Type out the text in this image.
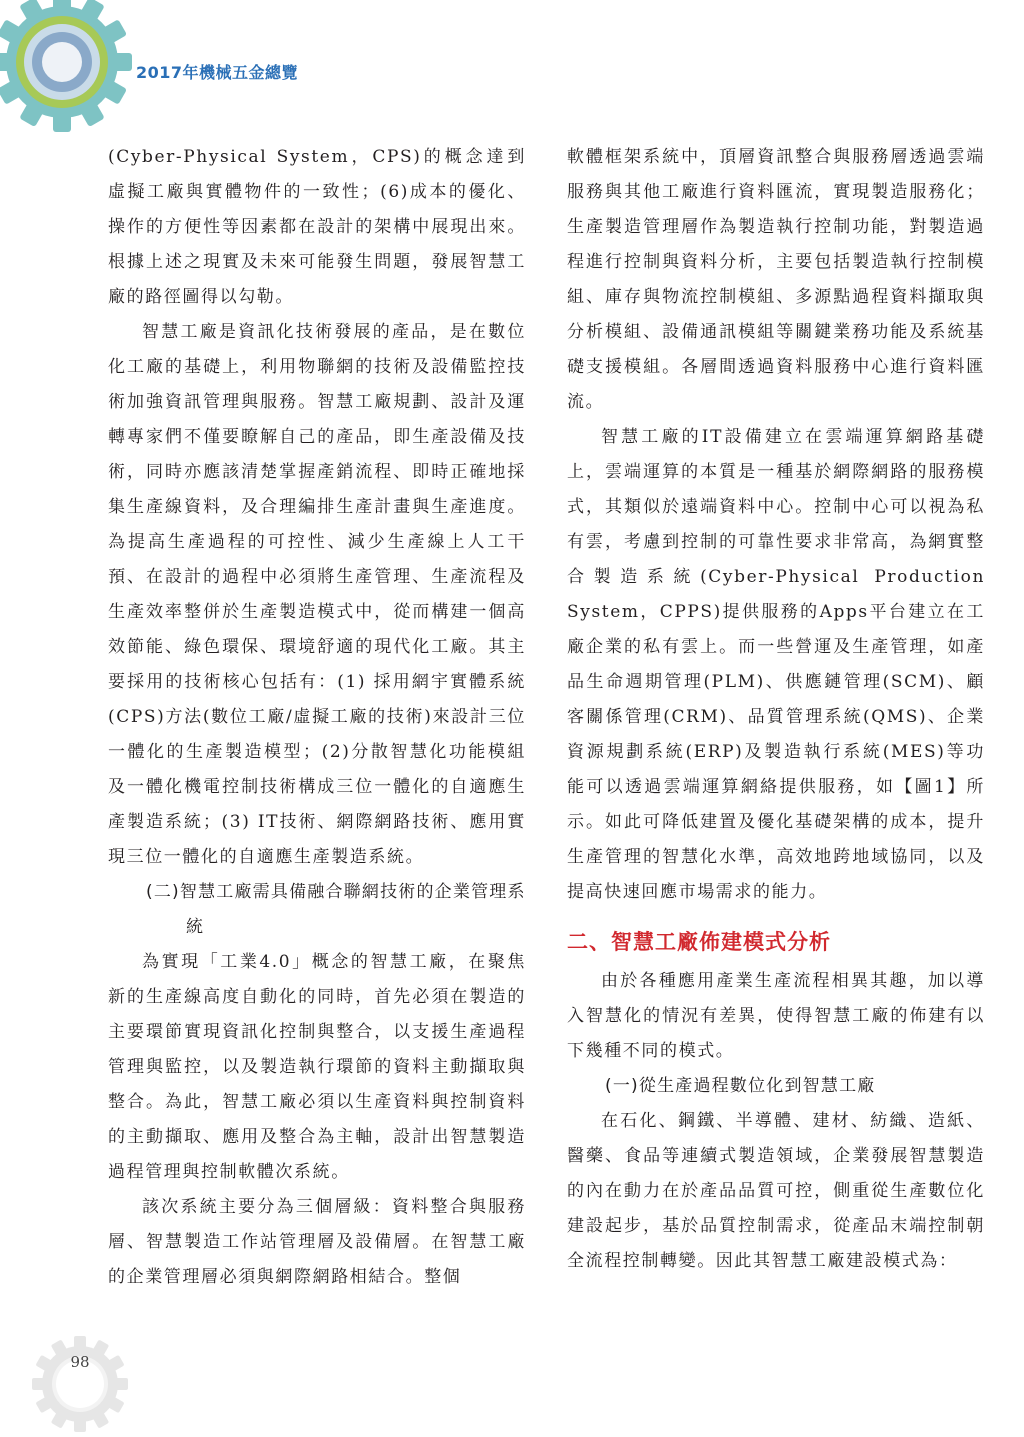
2017年機械五金總覽

(Cyber-Physical System，CPS)的概念達到虛擬工廠與實體物件的一致性；(6)成本的優化、操作的方便性等因素都在設計的架構中展現出來。根據上述之現實及未來可能發生問題，發展智慧工廠的路徑圖得以勾勒。

智慧工廠是資訊化技術發展的產品，是在數位化工廠的基礎上，利用物聯網的技術及設備監控技術加強資訊管理與服務。智慧工廠規劃、設計及運轉專家們不僅要瞭解自己的產品，即生產設備及技術，同時亦應該清楚掌握產銷流程、即時正確地採集生產線資料，及合理編排生產計畫與生產進度。為提高生產過程的可控性、減少生產線上人工干預、在設計的過程中必須將生產管理、生產流程及生產效率整併於生產製造模式中，從而構建一個高效節能、綠色環保、環境舒適的現代化工廠。其主要採用的技術核心包括有：(1) 採用網宇實體系統(CPS)方法(數位工廠/虛擬工廠的技術)來設計三位一體化的生產製造模型；(2)分散智慧化功能模組及一體化機電控制技術構成三位一體化的自適應生產製造系統；(3) IT技術、網際網路技術、應用實現三位一體化的自適應生產製造系統。

(二)智慧工廠需具備融合聯網技術的企業管理系統

為實現「工業4.0」概念的智慧工廠，在聚焦新的生產線高度自動化的同時，首先必須在製造的主要環節實現資訊化控制與整合，以支援生產過程管理與監控，以及製造執行環節的資料主動擷取與整合。為此，智慧工廠必須以生產資料與控制資料的主動擷取、應用及整合為主軸，設計出智慧製造過程管理與控制軟體次系統。

該次系統主要分為三個層級：資料整合與服務層、智慧製造工作站管理層及設備層。在智慧工廠的企業管理層必須與網際網路相結合。整個

軟體框架系統中，頂層資訊整合與服務層透過雲端服務與其他工廠進行資料匯流，實現製造服務化；生產製造管理層作為製造執行控制功能，對製造過程進行控制與資料分析，主要包括製造執行控制模組、庫存與物流控制模組、多源點過程資料擷取與分析模組、設備通訊模組等關鍵業務功能及系統基礎支援模組。各層間透過資料服務中心進行資料匯流。

智慧工廠的IT設備建立在雲端運算網路基礎上，雲端運算的本質是一種基於網際網路的服務模式，其類似於遠端資料中心。控制中心可以視為私有雲，考慮到控制的可靠性要求非常高，為網實整合製造系統(Cyber-Physical Production System，CPPS)提供服務的Apps平台建立在工廠企業的私有雲上。而一些營運及生產管理，如產品生命週期管理(PLM)、供應鏈管理(SCM)、顧客關係管理(CRM)、品質管理系統(QMS)、企業資源規劃系統(ERP)及製造執行系統(MES)等功能可以透過雲端運算網絡提供服務，如【圖1】所示。如此可降低建置及優化基礎架構的成本，提升生產管理的智慧化水準，高效地跨地域協同，以及提高快速回應市場需求的能力。

二、智慧工廠佈建模式分析

由於各種應用產業生產流程相異其趣，加以導入智慧化的情況有差異，使得智慧工廠的佈建有以下幾種不同的模式。

(一)從生產過程數位化到智慧工廠

在石化、鋼鐵、半導體、建材、紡織、造紙、醫藥、食品等連續式製造領域，企業發展智慧製造的內在動力在於產品品質可控，側重從生產數位化建設起步，基於品質控制需求，從產品末端控制朝全流程控制轉變。因此其智慧工廠建設模式為：

98
